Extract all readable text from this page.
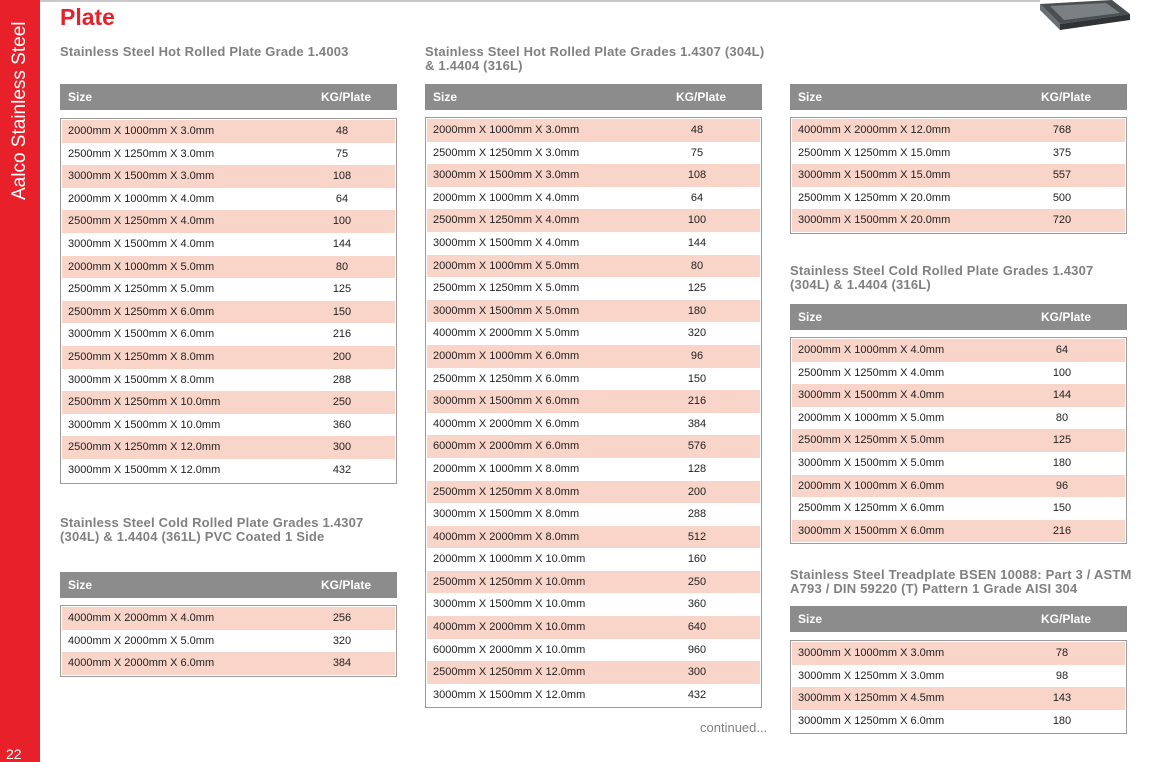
Aalco Stainless Steel
22
Plate
Stainless Steel Hot Rolled Plate Grade 1.4003
Stainless Steel Cold Rolled Plate Grades 1.4307
(304L) & 1.4404 (361L) PVC Coated 1 Side
Stainless Steel Hot Rolled Plate Grades 1.4307 (304L)
& 1.4404 (316L)
Stainless Steel Cold Rolled Plate Grades 1.4307
(304L) & 1.4404 (316L)
Stainless Steel Treadplate BSEN 10088: Part 3 / ASTM
A793 / DIN 59220 (T) Pattern 1 Grade AISI 304
Size	KG/Plate
2000mm X 1000mm X 3.0mm	48
2500mm X 1250mm X 3.0mm	75
3000mm X 1500mm X 3.0mm	108
2000mm X 1000mm X 4.0mm	64
2500mm X 1250mm X 4.0mm	100
3000mm X 1500mm X 4.0mm	144
2000mm X 1000mm X 5.0mm	80
2500mm X 1250mm X 5.0mm	125
2500mm X 1250mm X 6.0mm	150
3000mm X 1500mm X 6.0mm	216
2500mm X 1250mm X 8.0mm	200
3000mm X 1500mm X 8.0mm	288
2500mm X 1250mm X 10.0mm	250
3000mm X 1500mm X 10.0mm	360
2500mm X 1250mm X 12.0mm	300
3000mm X 1500mm X 12.0mm	432
Size	KG/Plate
4000mm X 2000mm X 4.0mm	256
4000mm X 2000mm X 5.0mm	320
4000mm X 2000mm X 6.0mm	384
Size	KG/Plate
2000mm X 1000mm X 3.0mm	48
2500mm X 1250mm X 3.0mm	75
3000mm X 1500mm X 3.0mm	108
2000mm X 1000mm X 4.0mm	64
2500mm X 1250mm X 4.0mm	100
3000mm X 1500mm X 4.0mm	144
2000mm X 1000mm X 5.0mm	80
2500mm X 1250mm X 5.0mm	125
3000mm X 1500mm X 5.0mm	180
4000mm X 2000mm X 5.0mm	320
2000mm X 1000mm X 6.0mm	96
2500mm X 1250mm X 6.0mm	150
3000mm X 1500mm X 6.0mm	216
4000mm X 2000mm X 6.0mm	384
6000mm X 2000mm X 6.0mm	576
2000mm X 1000mm X 8.0mm	128
2500mm X 1250mm X 8.0mm	200
3000mm X 1500mm X 8.0mm	288
4000mm X 2000mm X 8.0mm	512
2000mm X 1000mm X 10.0mm	160
2500mm X 1250mm X 10.0mm	250
3000mm X 1500mm X 10.0mm	360
4000mm X 2000mm X 10.0mm	640
6000mm X 2000mm X 10.0mm	960
2500mm X 1250mm X 12.0mm	300
3000mm X 1500mm X 12.0mm	432
Size	KG/Plate
4000mm X 2000mm X 12.0mm	768
2500mm X 1250mm X 15.0mm	375
3000mm X 1500mm X 15.0mm	557
2500mm X 1250mm X 20.0mm	500
3000mm X 1500mm X 20.0mm	720
Size	KG/Plate
2000mm X 1000mm X 4.0mm	64
2500mm X 1250mm X 4.0mm	100
3000mm X 1500mm X 4.0mm	144
2000mm X 1000mm X 5.0mm	80
2500mm X 1250mm X 5.0mm	125
3000mm X 1500mm X 5.0mm	180
2000mm X 1000mm X 6.0mm	96
2500mm X 1250mm X 6.0mm	150
3000mm X 1500mm X 6.0mm	216
Size	KG/Plate
3000mm X 1000mm X 3.0mm	78
3000mm X 1250mm X 3.0mm	98
3000mm X 1250mm X 4.5mm	143
3000mm X 1250mm X 6.0mm	180
continued...
